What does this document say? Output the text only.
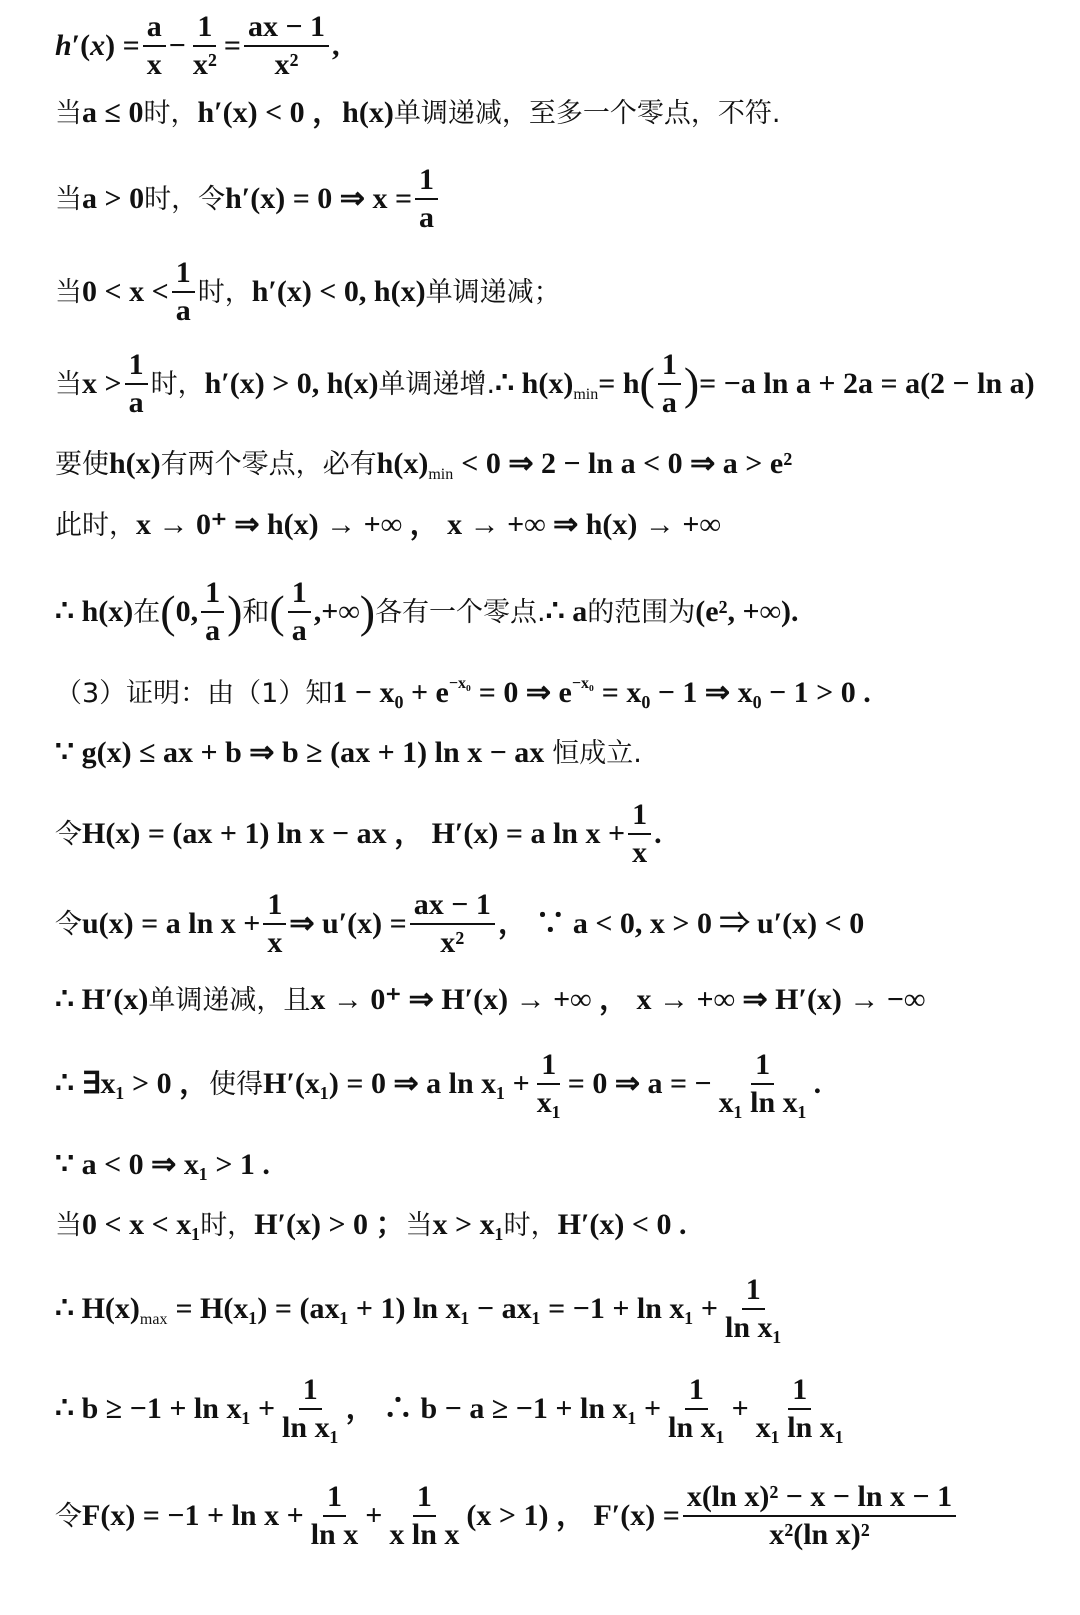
$h'(x) = \frac{a}{x} - \frac{1}{\text{x²}} = \frac{ax - 1}{\text{x²}}$ ,
当 a ≤ 0 时， h′(x) < 0 ，h(x) 单调递减，至多一个零点，不符.
当 a > 0 时，令 h′(x) = 0 ⇒ $x = \frac{1}{a}$
当 $0 < x < \frac{1}{a}$ 时， h′(x) < 0, h(x) 单调递减；
当 $x > \frac{1}{a}$ 时， h′(x) > 0, h(x) 单调递增. ∴ $h(x)_{min} = h$ ( $\frac{1}{a}$ ) = −a ln a + 2a = a(2 − ln a)
要使 h(x) 有两个零点，必有 $h(x)_{min} < 0$ ⇒ 2 − ln a < 0 ⇒ a > e²
此时， x → 0⁺ ⇒ h(x) → +∞ ， x → +∞ ⇒ h(x) → +∞
∴ h(x) 在 ( 0, $\frac{1}{a}$ ) 和 ( $\frac{1}{a}$ ,+∞ ) 各有一个零点. ∴ a 的范围为 (e², +∞).
（3）证明：由（1）知 $1 - x_0 + e^{-x_0} = 0$ ⇒ $e^{-x_0} = x_0 - 1$ ⇒ x₀ − 1 > 0 .
∵ g(x) ≤ ax + b ⇒ b ≥ (ax + 1) ln x − ax 恒成立.
令 H(x) = (ax + 1) ln x − ax ， H′(x) = a $\ln x + \frac{1}{x}$ .
令 u(x) = a $\ln x + \frac{1}{x}$ ⇒ $u'(x) = \frac{ax - 1}{\text{x²}}$ ， ∵ a < 0, x > 0 ⇒ u′(x) < 0
∴ H′(x) 单调递减，且 x → 0⁺ ⇒ H′(x) → +∞ ， x → +∞ ⇒ H′(x) → −∞
∴ ∃x₁ > 0 ， 使得 H′(x₁) = 0 ⇒ a $\ln x_1 + \frac{1}{\text{x₁}} = 0$ ⇒ a = − $\frac{1}{\text{x₁ ln x₁}}$ .
∵ a < 0 ⇒ x₁ > 1 .
当 0 < x < x₁ 时， H′(x) > 0 ； 当 x > x₁ 时， H′(x) < 0 .
∴ $H(x)_{max} = H(x_1) = (ax_1 + 1)$ $\ln x_1 - ax_1 = -1 + \ln x_1 + \frac{1}{\text{ln x₁}}$
∴ $b \ge -1 + \ln x_1 + \frac{1}{\text{ln x₁}}$ ， ∴ $b - a \ge -1 + \ln x_1 + \frac{1}{\text{ln x₁}} + \frac{1}{\text{x₁ ln x₁}}$
令 $F(x) = -1 + \ln x + \frac{1}{\text{ln x}} + \frac{1}{\text{x ln x}} (x > 1)$ ， $F'(x) = \frac{\text{x(ln x)² − x − ln x − 1}}{\text{x²(ln x)²}}$
